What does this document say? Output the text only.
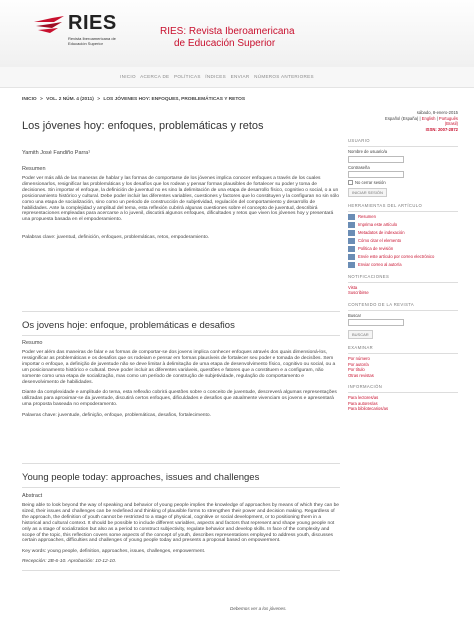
RIES
Revista Iberoamericana de Educación Superior
RIES: Revista Iberoamericana
de Educación Superior
INICIO ACERCA DE POLÍTICAS ÍNDICES ENVIAR NÚMEROS ANTERIORES
INICIO > VOL. 2 NÚM. 4 (2011) > LOS JÓVENES HOY: ENFOQUES, PROBLEMÁTICAS Y RETOS
Los jóvenes hoy: enfoques, problemáticas y retos
Yamith José Fandiño Parra¹
Resumen
Poder ver más allá de las maneras de hablar y las formas de comportarse de los jóvenes implica conocer enfoques a través de los cuales dimensionarlos, resignificar las problemáticas y los desafíos que los rodean y pensar formas plausibles de fortalecer su poder y toma de decisiones. Sin importar el enfoque, la definición de juventud no es sino la delimitación de una etapa de desarrollo físico, cognitivo o social, o a un posicionamiento histórico y cultural. Debe poder incluir las diferentes variables, cuestiones y factores que lo constituyen y la configuran no sin sólo como una etapa de socialización, sino como un periodo de construcción de subjetividad, regulación del comportamiento y desarrollo de habilidades. Ante la complejidad y amplitud del tema, esta reflexión cubrirá algunas cuestiones sobre el concepto de juventud, describirá representaciones empleadas para acercarse a lo juvenil, discutirá algunos enfoques, dificultades y retos que viven los jóvenes hoy y presentará una propuesta basada en el empoderamiento.
Palabras clave: juventud, definición, enfoques, problemáticas, retos, empoderamiento.
Os jovens hoje: enfoque, problemáticas e desafios
Resumo
Poder ver além das maneiras de falar e as formas de comportar-se dos jovens implica conhecer enfoques através dos quais dimensioná-los, ressignificar as problemáticas e os desafios que os rodeiam e pensar em formas plausíveis de fortalecer seu poder e tomada de decisões. Sem importar o enfoque, a definição de juventude não se deve limitar à delimitação de uma etapa de desenvolvimento físico, cognitivo ou social, ou a um posicionamento histórico e cultural. Deve poder incluir as diferentes variáveis, questões e fatores que a constituem e a configuram, não somente como uma etapa de socialização, mas como um período de construção de subjetividade, regulação do comportamento e desenvolvimento de habilidades.
Diante da complexidade e amplitude do tema, esta reflexão cobrirá questões sobre o conceito de juventude, descreverá algumas representações utilizadas para aproximar-se da juventude, discutirá certos enfoques, dificuldades e desafios que atualmente vivenciam os jovens e apresentará uma proposta baseada no empoderamento.
Palavras chave: juventude, definição, enfoque, problemáticas, desafios, fortalecimento.
Young people today: approaches, issues and challenges
Abstract
Being able to look beyond the way of speaking and behavior of young people implies the knowledge of approaches by means of which they can be sized, their issues and challenges can be redefined and thinking of plausible forms to strengthen their power and decision making. Regardless of the approach, the definition of youth cannot be restricted to a stage of physical, cognitive or social development, or to positioning them in a historical and cultural context. It should be possible to include different variables, aspects and factors that represent and shape young people not only as a stage of socialization but also as a period to construct subjectivity, regulate behavior and develop skills. In face of the complexity and scope of the topic, this reflection covers some aspects of the concept of youth, describes representations employed to address youth, discusses certain approaches, difficulties and challenges of young people today and presents a proposal based on empowerment.
Key words: young people, definition, approaches, issues, challenges, empowerment.
Recepción: 2B-6-10. Aprobación: 10-12-10.
Debemos ver a los jóvenes.
sábado, 8-enero-2015
Español (España) | English | Português
(Brasil)
ISSN: 2007-2872
USUARIO
Nombre de usuario/a
Contraseña
No cerrar sesión
INICIAR SESIÓN
HERRAMIENTAS DEL ARTÍCULO
Resumen
Imprima este artículo
Metadatos de indexación
Cómo citar el elemento
Política de revisión
Envíe este artículo por correo electrónico
Enviar correo al autor/a
NOTIFICACIONES
Vista
Suscribirse
CONTENIDO DE LA REVISTA
Buscar
BUSCAR
EXAMINAR
Por número
Por autor/a
Por título
Otras revistas
INFORMACIÓN
Para lectores/as
Para autores/as
Para bibliotecarios/as
